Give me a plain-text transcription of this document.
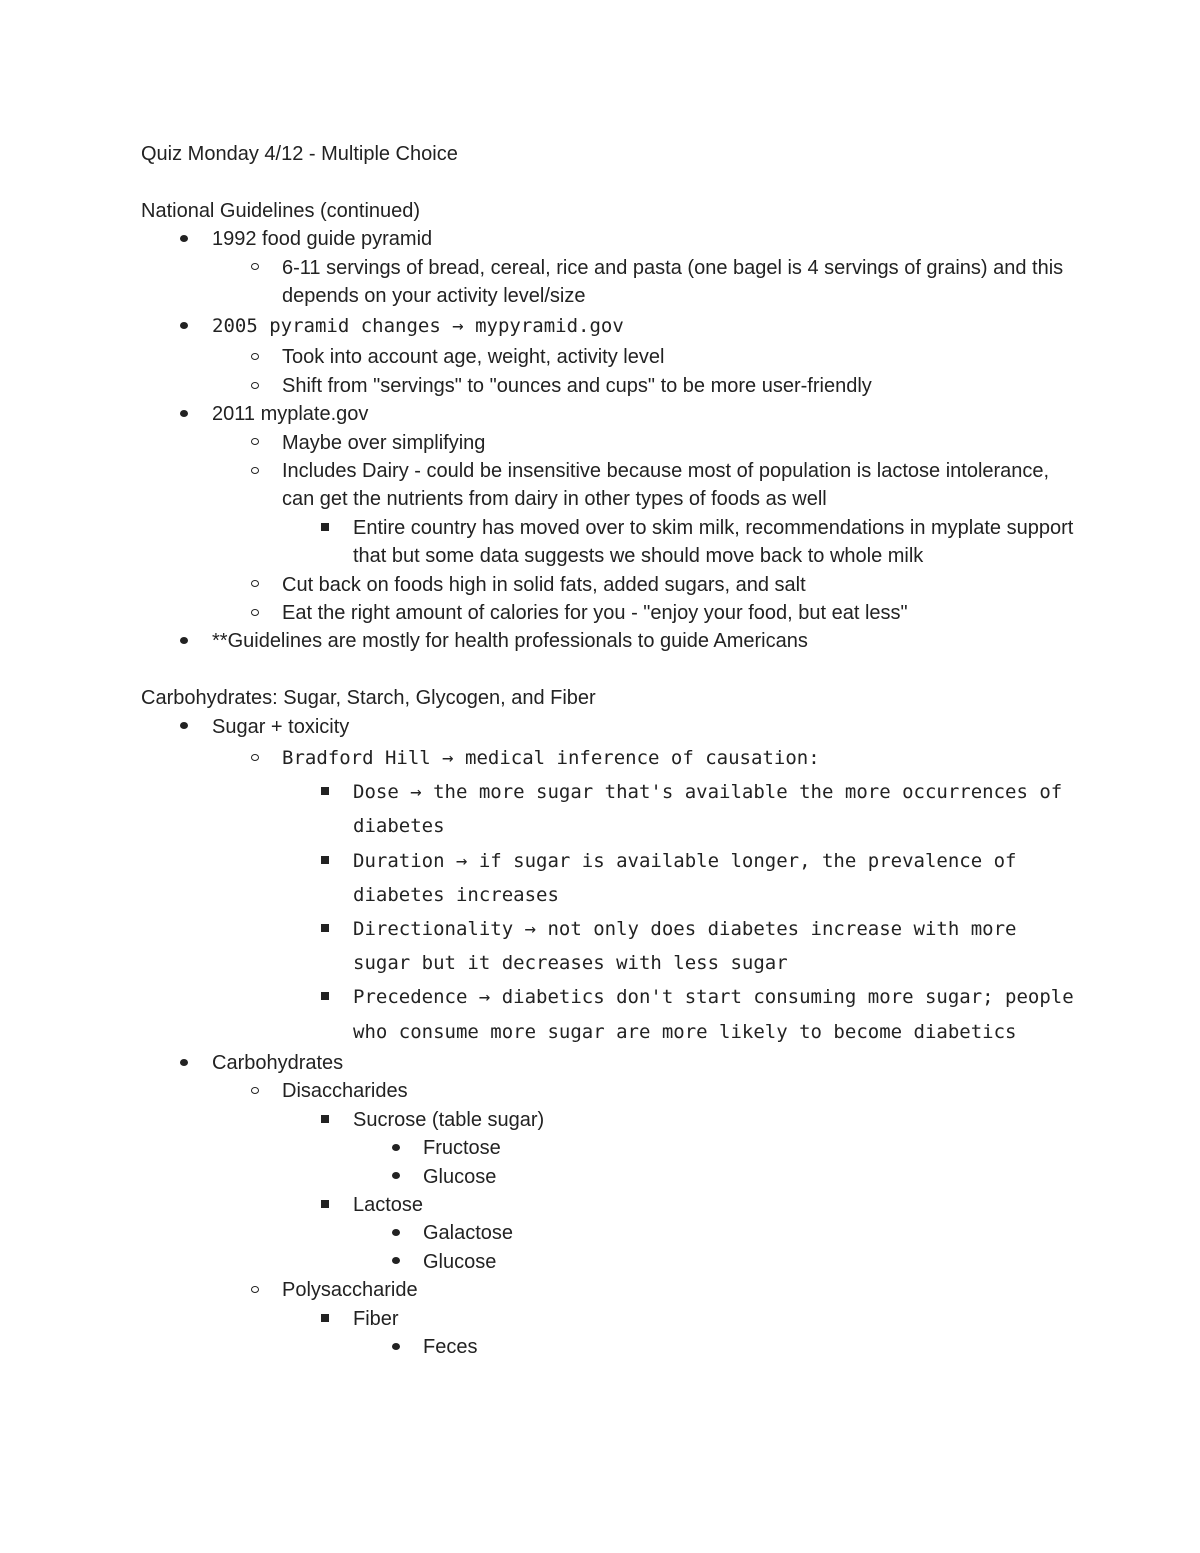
Quiz Monday 4/12 - Multiple Choice
National Guidelines (continued)
1992 food guide pyramid
6-11 servings of bread, cereal, rice and pasta (one bagel is 4 servings of grains) and this depends on your activity level/size
2005 pyramid changes → mypyramid.gov
Took into account age, weight, activity level
Shift from "servings" to "ounces and cups" to be more user-friendly
2011 myplate.gov
Maybe over simplifying
Includes Dairy - could be insensitive because most of population is lactose intolerance, can get the nutrients from dairy in other types of foods as well
Entire country has moved over to skim milk, recommendations in myplate support that but some data suggests we should move back to whole milk
Cut back on foods high in solid fats, added sugars, and salt
Eat the right amount of calories for you - "enjoy your food, but eat less"
**Guidelines are mostly for health professionals to guide Americans
Carbohydrates: Sugar, Starch, Glycogen, and Fiber
Sugar + toxicity
Bradford Hill → medical inference of causation:
Dose → the more sugar that's available the more occurrences of diabetes
Duration → if sugar is available longer, the prevalence of diabetes increases
Directionality → not only does diabetes increase with more sugar but it decreases with less sugar
Precedence → diabetics don't start consuming more sugar; people who consume more sugar are more likely to become diabetics
Carbohydrates
Disaccharides
Sucrose (table sugar)
Fructose
Glucose
Lactose
Galactose
Glucose
Polysaccharide
Fiber
Feces
